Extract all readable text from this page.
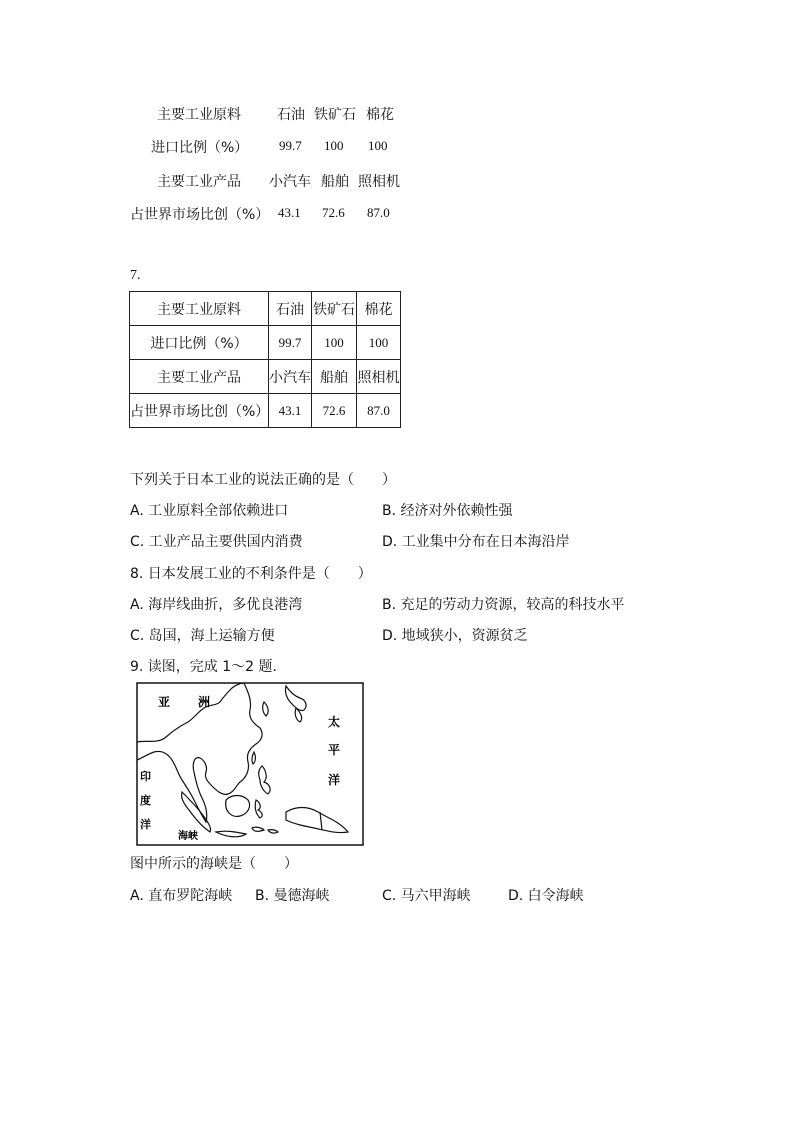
主要工业原料	石油 铁矿石 棉花
进口比例（%） 99.7 100 100
主要工业产品 小汽车 船舶 照相机
占世界市场比创（%） 43.1 72.6 87.0
7.
主要工业原料	石油	铁矿石	棉花
进口比例（%）	99.7	100	100
主要工业产品	小汽车	船舶	照相机
占世界市场比创（%）	43.1	72.6	87.0
下列关于日本工业的说法正确的是（　　）
A. 工业原料全部依赖进口	B. 经济对外依赖性强
C. 工业产品主要供国内消费	D. 工业集中分布在日本海沿岸
8. 日本发展工业的不利条件是（　　）
A. 海岸线曲折，多优良港湾	B. 充足的劳动力资源，较高的科技水平
C. 岛国，海上运输方便	D. 地域狭小，资源贫乏
9. 读图，完成 1～2 题．
亚 洲
太
平
洋
印
度
洋
海峡
图中所示的海峡是（　　）
A. 直布罗陀海峡 B. 曼德海峡	C. 马六甲海峡	D. 白令海峡
